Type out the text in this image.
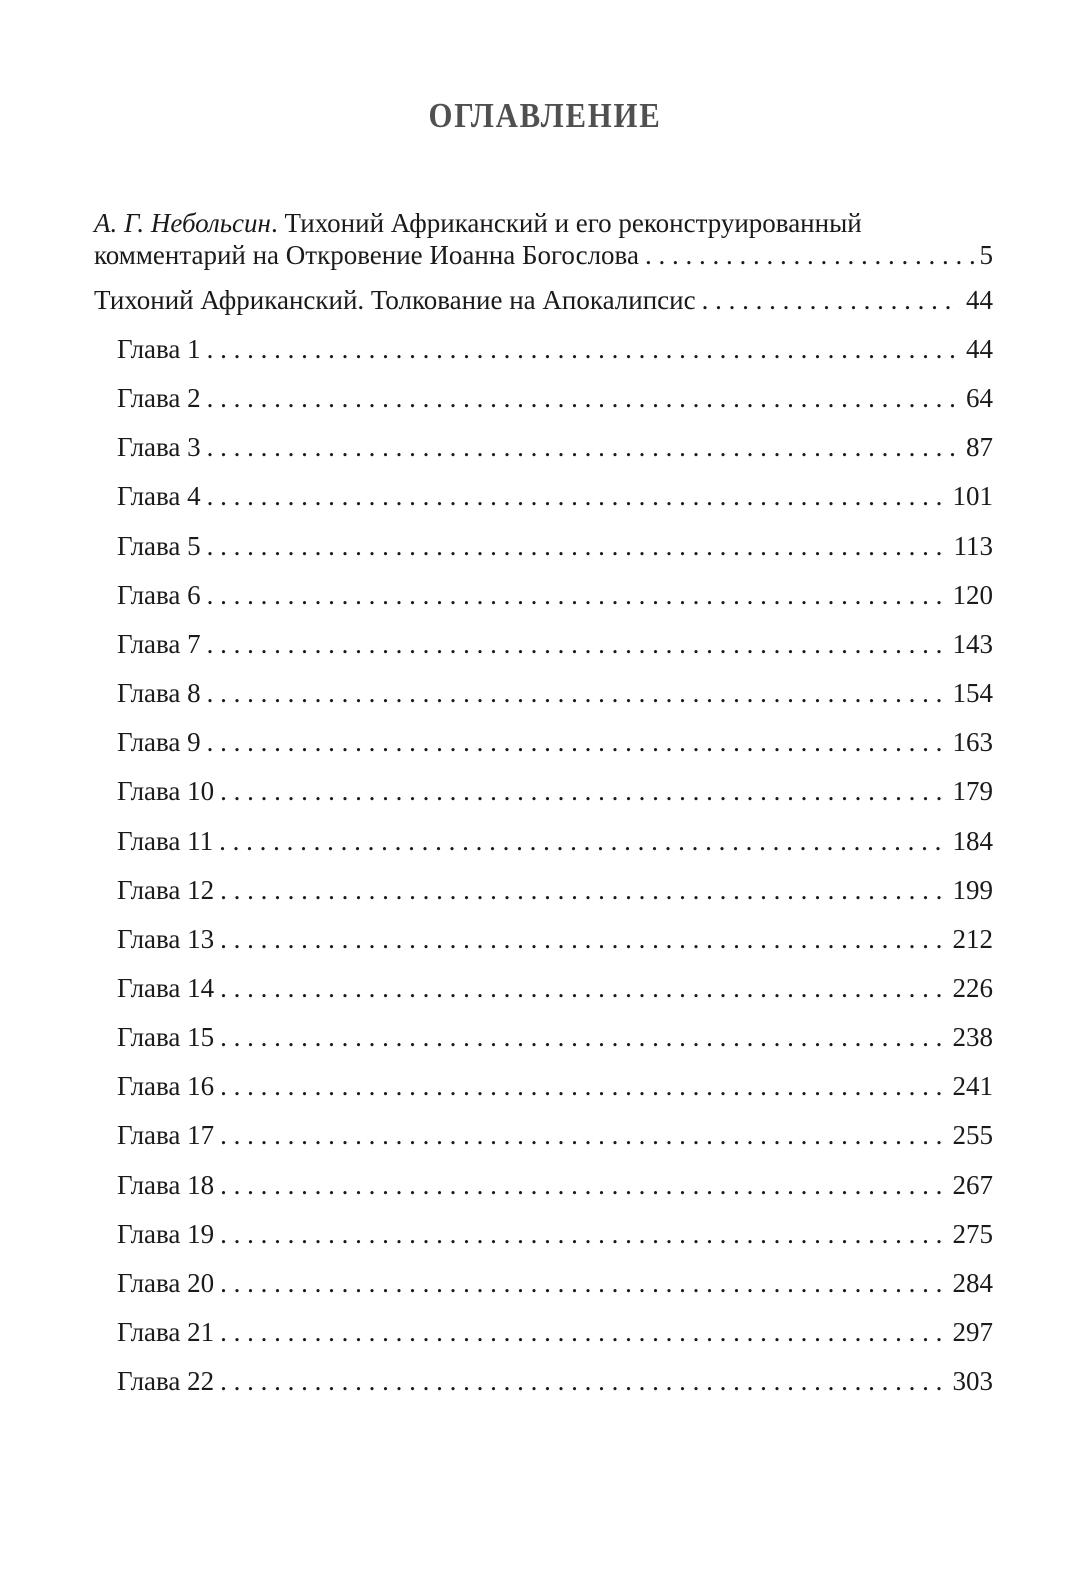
ОГЛАВЛЕНИЕ
А. Г. Небольсин. Тихоний Африканский и его реконструированный
комментарий на Откровение Иоанна Богослова . . .	5
Тихоний Африканский. Толкование на Апокалипсис . . .	44
Глава 1 . . .	44
Глава 2 . . .	64
Глава 3 . . .	87
Глава 4 . . .	101
Глава 5 . . .	113
Глава 6 . . .	120
Глава 7 . . .	143
Глава 8 . . .	154
Глава 9 . . .	163
Глава 10 . . .	179
Глава 11 . . .	184
Глава 12 . . .	199
Глава 13 . . .	212
Глава 14 . . .	226
Глава 15 . . .	238
Глава 16 . . .	241
Глава 17 . . .	255
Глава 18 . . .	267
Глава 19 . . .	275
Глава 20 . . .	284
Глава 21 . . .	297
Глава 22 . . .	303
